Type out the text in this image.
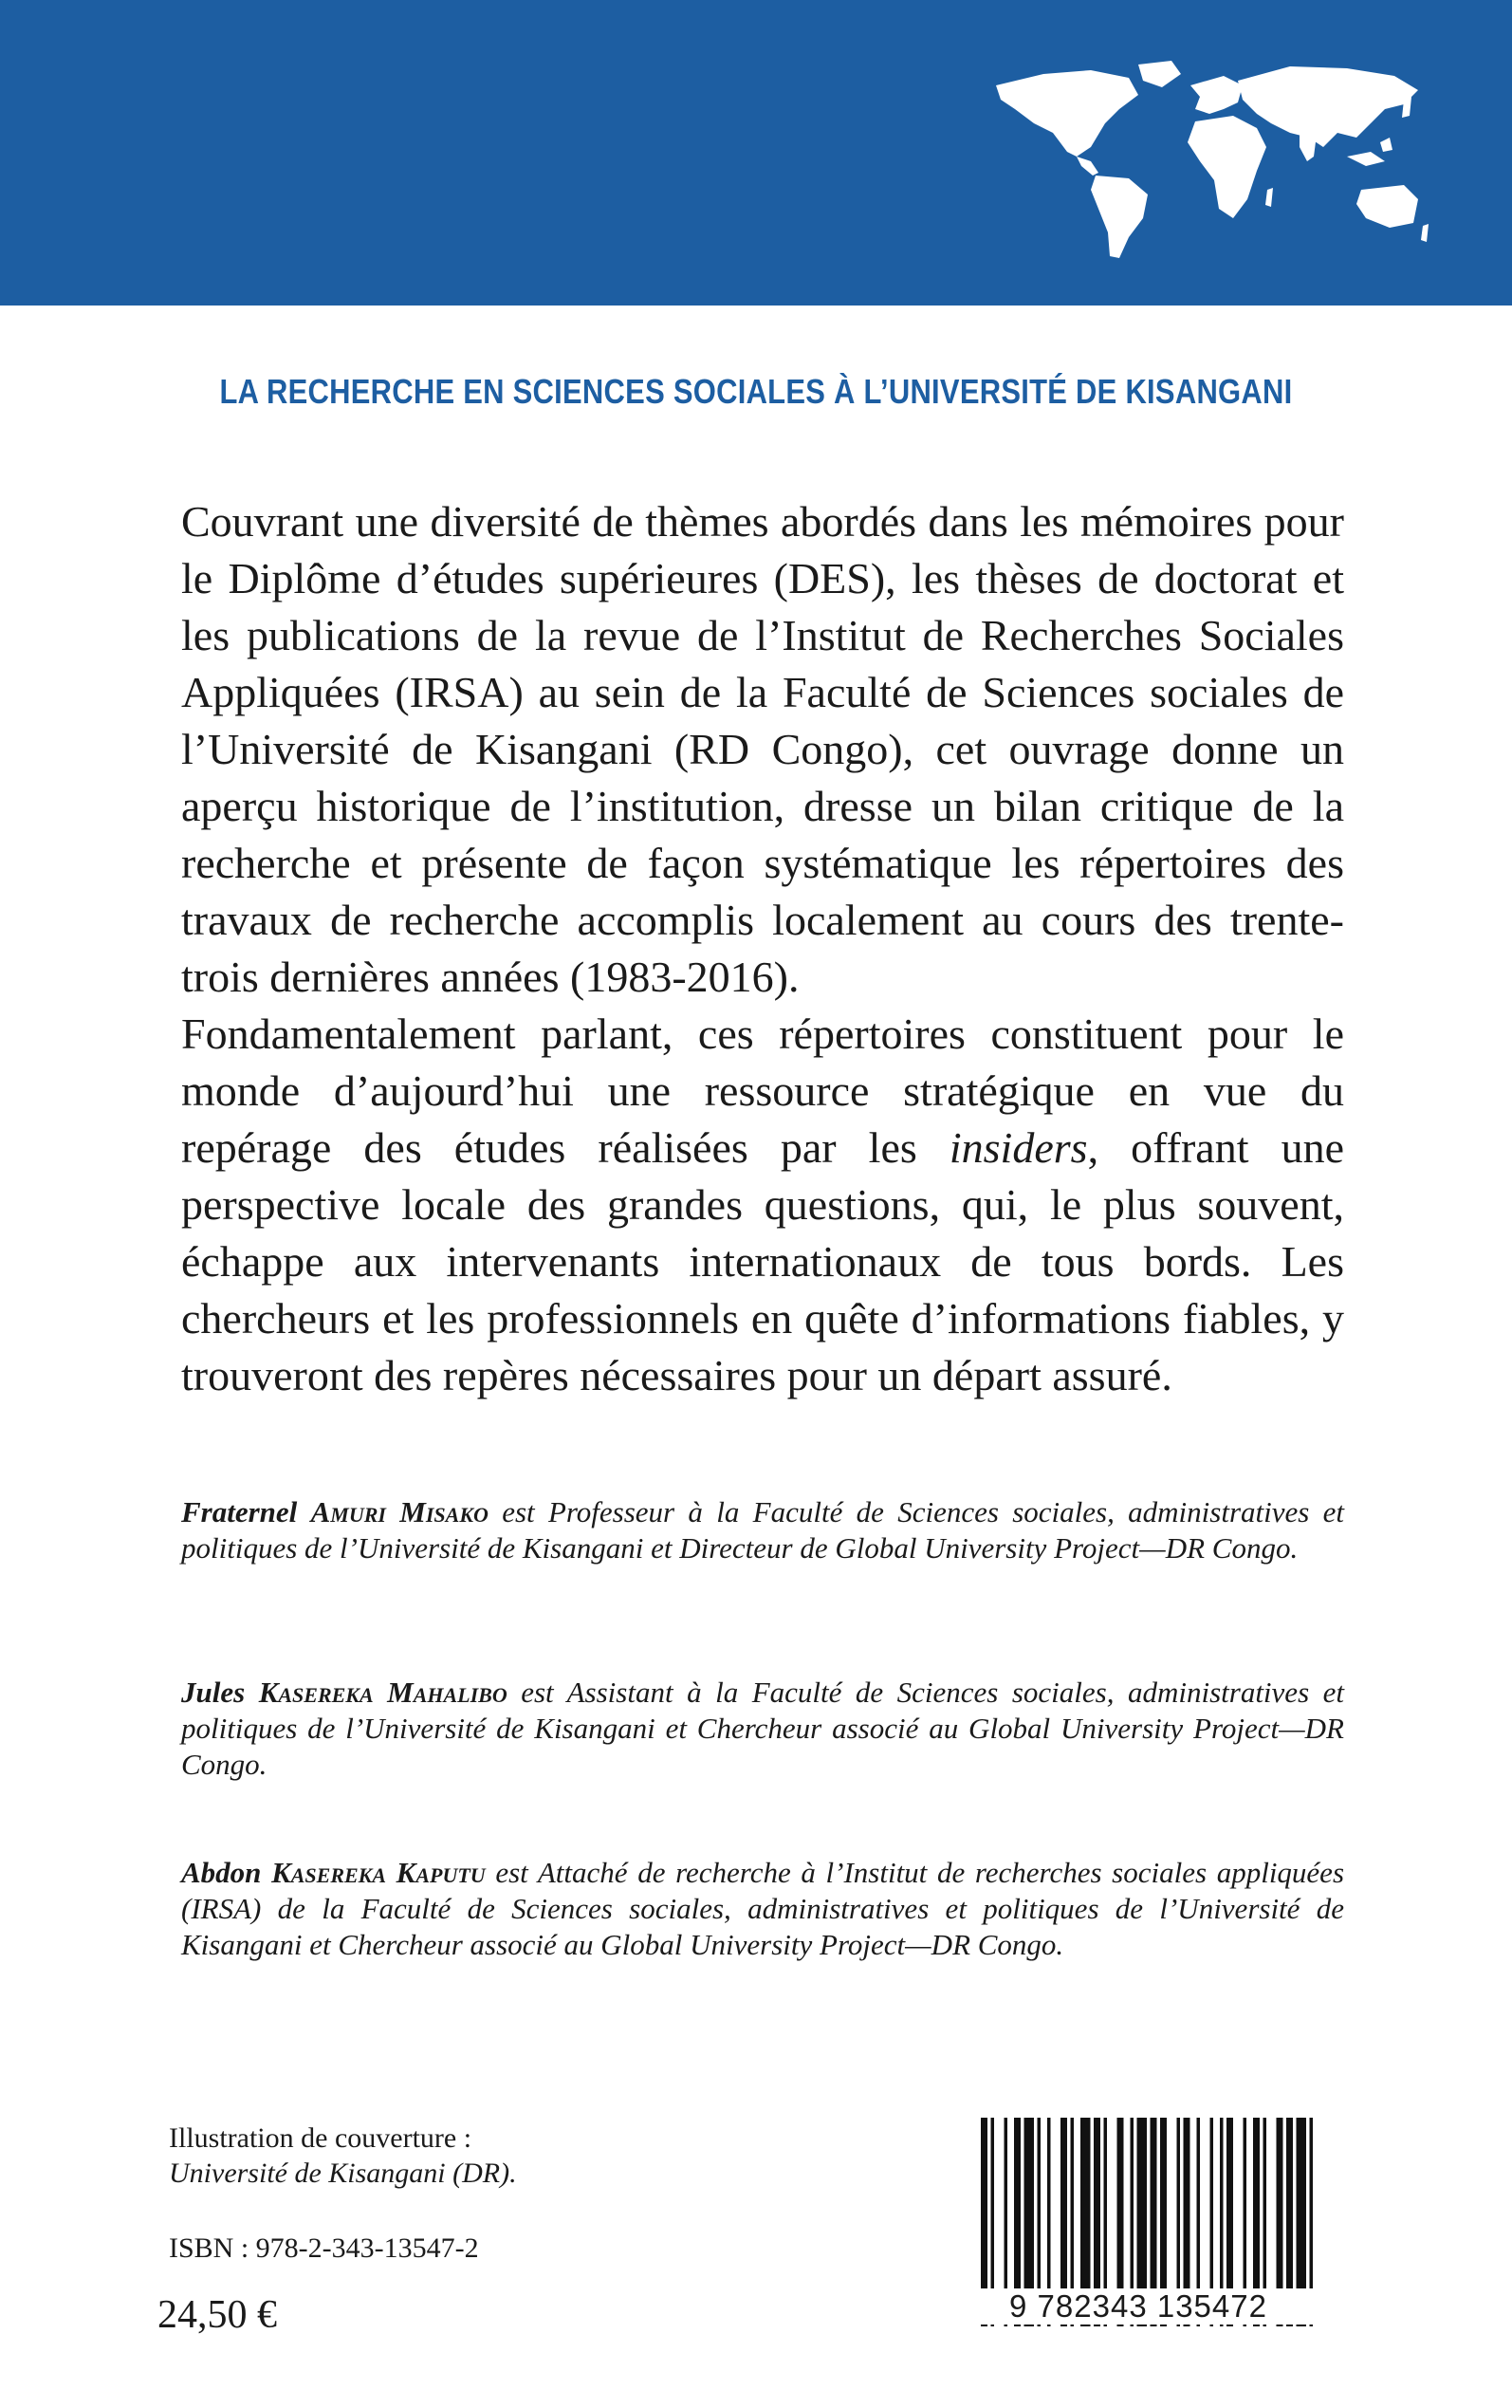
LA RECHERCHE EN SCIENCES SOCIALES À L’UNIVERSITÉ DE KISANGANI

Couvrant une diversité de thèmes abordés dans les mémoires pour le Diplôme d’études supérieures (DES), les thèses de doctorat et les publications de la revue de l’Institut de Recherches Sociales Appliquées (IRSA) au sein de la Faculté de Sciences sociales de l’Université de Kisangani (RD Congo), cet ouvrage donne un aperçu historique de l’institution, dresse un bilan critique de la recherche et présente de façon systématique les répertoires des travaux de recherche accomplis localement au cours des trente-trois dernières années (1983-2016).

Fondamentalement parlant, ces répertoires constituent pour le monde d’aujourd’hui une ressource stratégique en vue du repérage des études réalisées par les insiders, offrant une perspective locale des grandes questions, qui, le plus souvent, échappe aux intervenants internationaux de tous bords. Les chercheurs et les professionnels en quête d’informations fiables, y trouveront des repères nécessaires pour un départ assuré.

Fraternel Amuri Misako est Professeur à la Faculté de Sciences sociales, administratives et politiques de l’Université de Kisangani et Directeur de Global University Project—DR Congo.

Jules Kasereka Mahalibo est Assistant à la Faculté de Sciences sociales, administratives et politiques de l’Université de Kisangani et Chercheur associé au Global University Project—DR Congo.

Abdon Kasereka Kaputu est Attaché de recherche à l’Institut de recherches sociales appliquées (IRSA) de la Faculté de Sciences sociales, administratives et politiques de l’Université de Kisangani et Chercheur associé au Global University Project—DR Congo.

Illustration de couverture :
Université de Kisangani (DR).
ISBN : 978-2-343-13547-2
24,50 €	9 782343 135472
